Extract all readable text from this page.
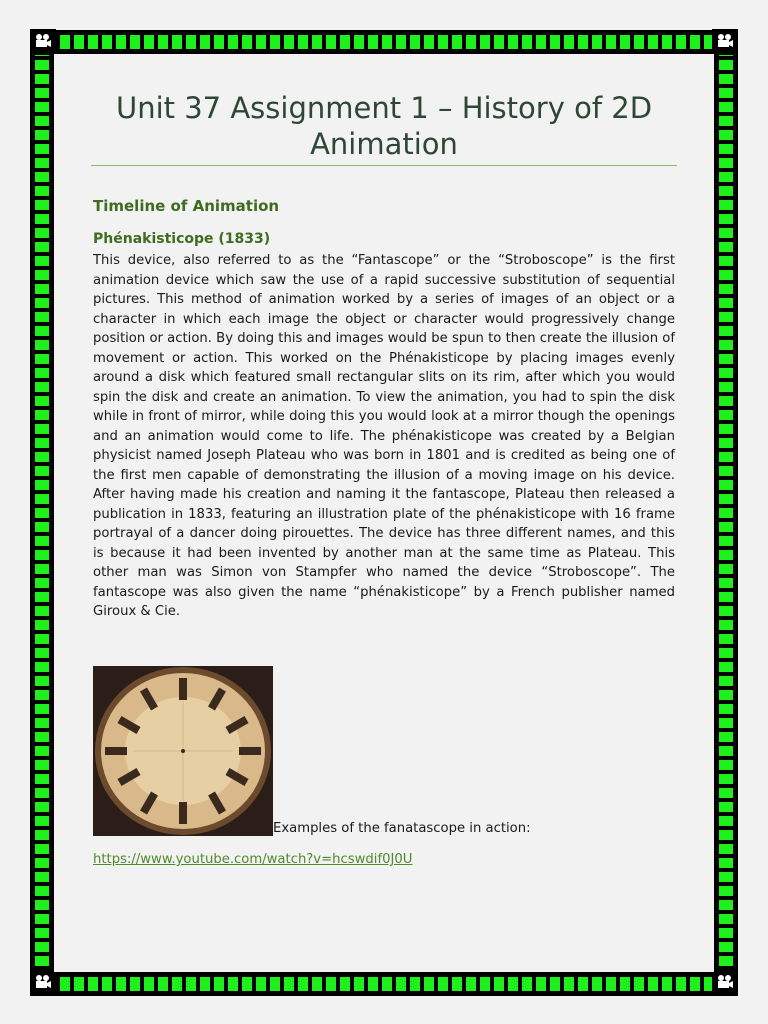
Unit 37 Assignment 1 – History of 2D Animation
Timeline of Animation
Phénakisticope (1833)
This device, also referred to as the “Fantascope” or the “Stroboscope” is the first animation device which saw the use of a rapid successive substitution of sequential pictures. This method of animation worked by a series of images of an object or a character in which each image the object or character would progressively change position or action. By doing this and images would be spun to then create the illusion of movement or action. This worked on the Phénakisticope by placing images evenly around a disk which featured small rectangular slits on its rim, after which you would spin the disk and create an animation. To view the animation, you had to spin the disk while in front of mirror, while doing this you would look at a mirror though the openings and an animation would come to life. The phénakisticope was created by a Belgian physicist named Joseph Plateau who was born in 1801 and is credited as being one of the first men capable of demonstrating the illusion of a moving image on his device. After having made his creation and naming it the fantascope, Plateau then released a publication in 1833, featuring an illustration plate of the phénakisticope with 16 frame portrayal of a dancer doing pirouettes. The device has three different names, and this is because it had been invented by another man at the same time as Plateau. This other man was Simon von Stampfer who named the device “Stroboscope”. The fantascope was also given the name “phénakisticope” by a French publisher named Giroux & Cie.
Examples of the fanatascope in action:
https://www.youtube.com/watch?v=hcswdif0J0U
